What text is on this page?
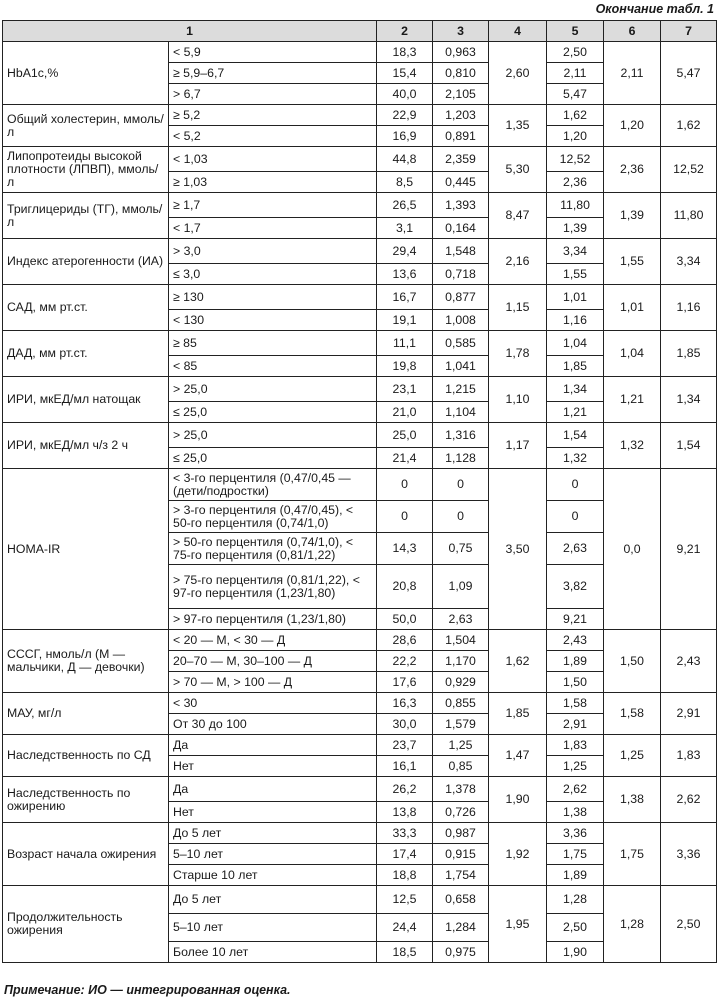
Окончание табл. 1
1		2	3	4	5	6	7
HbA1c,%	< 5,9	18,3	0,963	2,60	2,50	2,11	5,47
	≥ 5,9–6,7	15,4	0,810		2,11		
	> 6,7	40,0	2,105		5,47		
Общий холестерин, ммоль/л	≥ 5,2	22,9	1,203	1,35	1,62	1,20	1,62
	< 5,2	16,9	0,891		1,20		
Липопротеиды высокой плотности (ЛПВП), ммоль/л	< 1,03	44,8	2,359	5,30	12,52	2,36	12,52
	≥ 1,03	8,5	0,445		2,36		
Триглицериды (ТГ), ммоль/л	≥ 1,7	26,5	1,393	8,47	11,80	1,39	11,80
	< 1,7	3,1	0,164		1,39		
Индекс атерогенности (ИА)	> 3,0	29,4	1,548	2,16	3,34	1,55	3,34
	≤ 3,0	13,6	0,718		1,55		
САД, мм рт.ст.	≥ 130	16,7	0,877	1,15	1,01	1,01	1,16
	< 130	19,1	1,008		1,16		
ДАД, мм рт.ст.	≥ 85	11,1	0,585	1,78	1,04	1,04	1,85
	< 85	19,8	1,041		1,85		
ИРИ, мкЕД/мл натощак	> 25,0	23,1	1,215	1,10	1,34	1,21	1,34
	≤ 25,0	21,0	1,104		1,21		
ИРИ, мкЕД/мл ч/з 2 ч	> 25,0	25,0	1,316	1,17	1,54	1,32	1,54
	≤ 25,0	21,4	1,128		1,32		
HOMA-IR	< 3-го перцентиля (0,47/0,45 — (дети/подростки)	0	0	3,50	0	0,0	9,21
	> 3-го перцентиля (0,47/0,45), < 50-го перцентиля (0,74/1,0)	0	0		0		
	> 50-го перцентиля (0,74/1,0), < 75-го перцентиля (0,81/1,22)	14,3	0,75		2,63		
	> 75-го перцентиля (0,81/1,22), < 97-го перцентиля (1,23/1,80)	20,8	1,09		3,82		
	> 97-го перцентиля (1,23/1,80)	50,0	2,63		9,21		
СССГ, нмоль/л (М — мальчики, Д — девочки)	< 20 — М, < 30 — Д	28,6	1,504	1,62	2,43	1,50	2,43
	20–70 — М, 30–100 — Д	22,2	1,170		1,89		
	> 70 — М, > 100 — Д	17,6	0,929		1,50		
МАУ, мг/л	< 30	16,3	0,855	1,85	1,58	1,58	2,91
	От 30 до 100	30,0	1,579		2,91		
Наследственность по СД	Да	23,7	1,25	1,47	1,83	1,25	1,83
	Нет	16,1	0,85		1,25		
Наследственность по ожирению	Да	26,2	1,378	1,90	2,62	1,38	2,62
	Нет	13,8	0,726		1,38		
Возраст начала ожирения	До 5 лет	33,3	0,987	1,92	3,36	1,75	3,36
	5–10 лет	17,4	0,915		1,75		
	Старше 10 лет	18,8	1,754		1,89		
Продолжительность ожирения	До 5 лет	12,5	0,658	1,95	1,28	1,28	2,50
	5–10 лет	24,4	1,284		2,50		
	Более 10 лет	18,5	0,975		1,90		
Примечание: ИО — интегрированная оценка.
